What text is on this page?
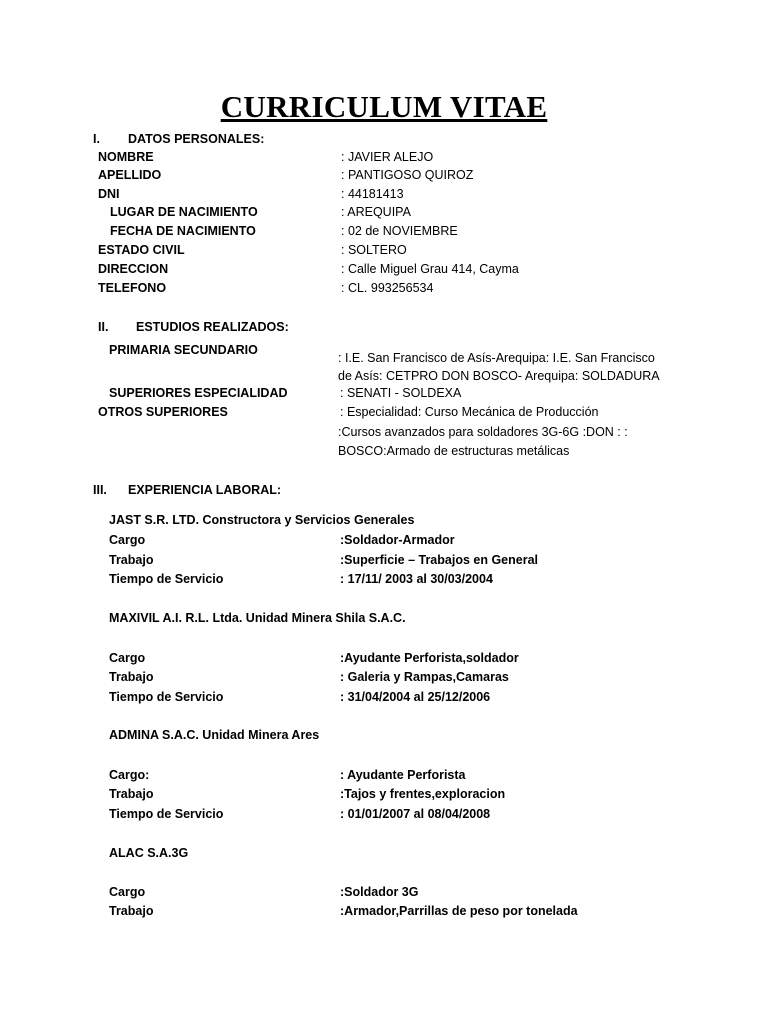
CURRICULUM VITAE
I. DATOS PERSONALES:
NOMBRE	: JAVIER ALEJO
APELLIDO	: PANTIGOSO QUIROZ
DNI	: 44181413
LUGAR DE NACIMIENTO	: AREQUIPA
FECHA DE NACIMIENTO	: 02 de NOVIEMBRE
ESTADO CIVIL	: SOLTERO
DIRECCION	: Calle Miguel Grau 414, Cayma
TELEFONO	: CL. 993256534
II. ESTUDIOS REALIZADOS:
PRIMARIA SECUNDARIO
: I.E. San Francisco de Asís-Arequipa: I.E. San Francisco
de Asís: CETPRO DON BOSCO- Arequipa: SOLDADURA
SUPERIORES ESPECIALIDAD	: SENATI - SOLDEXA
OTROS SUPERIORES	: Especialidad: Curso Mecánica de Producción
:Cursos avanzados para soldadores 3G-6G :DON : :
BOSCO:Armado de estructuras metálicas
III. EXPERIENCIA LABORAL:
JAST S.R. LTD. Constructora y Servicios Generales
Cargo	:Soldador-Armador
Trabajo	:Superficie – Trabajos en General
Tiempo de Servicio	: 17/11/ 2003 al 30/03/2004
MAXIVIL A.I. R.L. Ltda. Unidad Minera Shila S.A.C.
Cargo	:Ayudante Perforista,soldador
Trabajo	: Galeria y Rampas,Camaras
Tiempo de Servicio	: 31/04/2004 al 25/12/2006
ADMINA S.A.C. Unidad Minera Ares
Cargo:	: Ayudante Perforista
Trabajo	:Tajos y frentes,exploracion
Tiempo de Servicio	: 01/01/2007 al 08/04/2008
ALAC S.A.3G
Cargo	:Soldador 3G
Trabajo	:Armador,Parrillas de peso por tonelada
